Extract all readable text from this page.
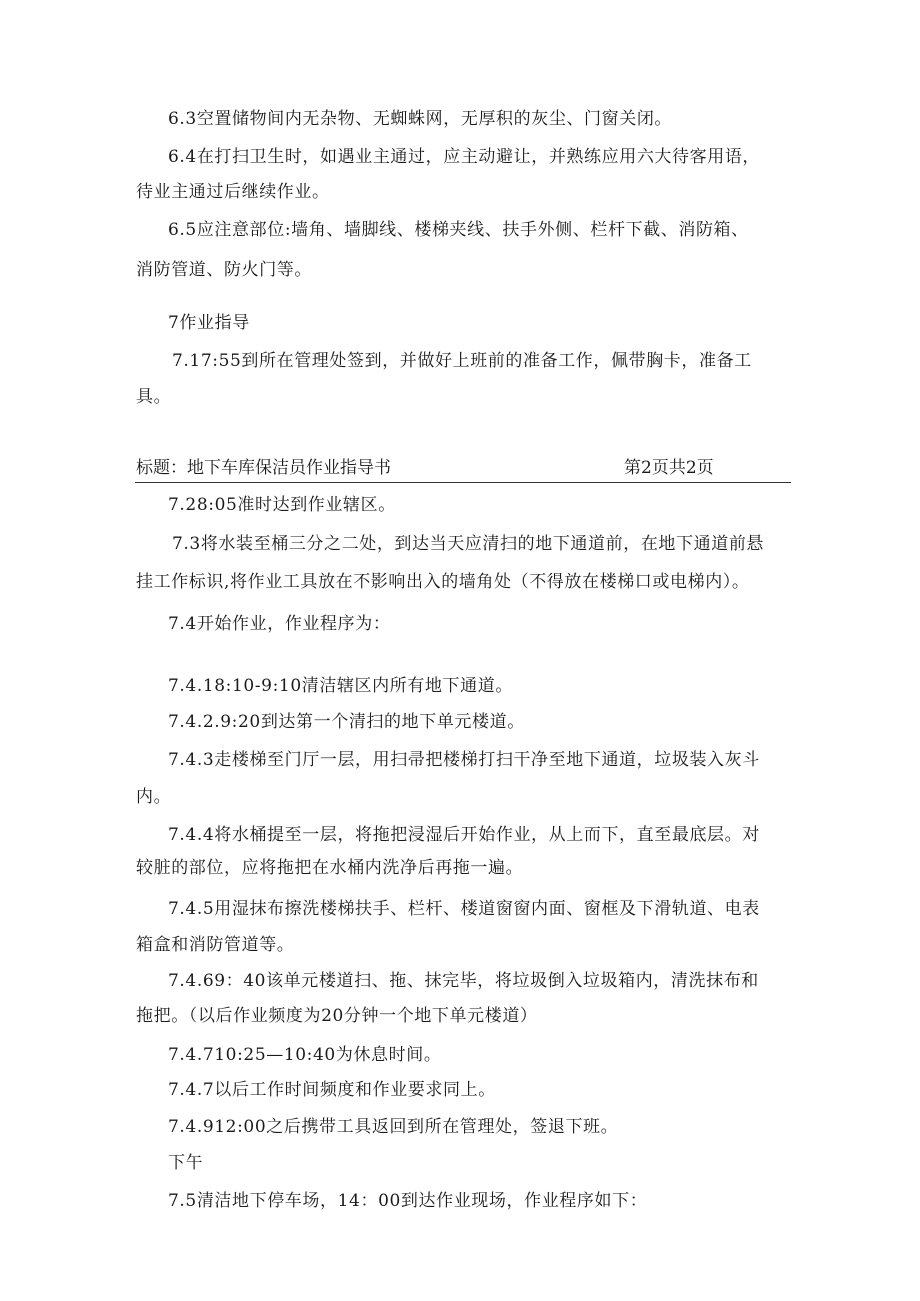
6.3空置储物间内无杂物、无蜘蛛网，无厚积的灰尘、门窗关闭。
6.4在打扫卫生时，如遇业主通过，应主动避让，并熟练应用六大待客用语，
待业主通过后继续作业。
6.5应注意部位:墙角、墙脚线、楼梯夹线、扶手外侧、栏杆下截、消防箱、
消防管道、防火门等。
7作业指导
7.17:55到所在管理处签到，并做好上班前的准备工作，佩带胸卡，准备工
具。
标题：地下车库保洁员作业指导书	第2页共2页
7.28:05准时达到作业辖区。
7.3将水装至桶三分之二处，到达当天应清扫的地下通道前，在地下通道前悬
挂工作标识,将作业工具放在不影响出入的墙角处（不得放在楼梯口或电梯内）。
7.4开始作业，作业程序为：
7.4.18:10-9:10清洁辖区内所有地下通道。
7.4.2.9:20到达第一个清扫的地下单元楼道。
7.4.3走楼梯至门厅一层，用扫帚把楼梯打扫干净至地下通道，垃圾装入灰斗
内。
7.4.4将水桶提至一层，将拖把浸湿后开始作业，从上而下，直至最底层。对
较脏的部位，应将拖把在水桶内洗净后再拖一遍。
7.4.5用湿抹布擦洗楼梯扶手、栏杆、楼道窗窗内面、窗框及下滑轨道、电表
箱盒和消防管道等。
7.4.69：40该单元楼道扫、拖、抹完毕，将垃圾倒入垃圾箱内，清洗抹布和
拖把。（以后作业频度为20分钟一个地下单元楼道）
7.4.710:25—10:40为休息时间。
7.4.7以后工作时间频度和作业要求同上。
7.4.912:00之后携带工具返回到所在管理处，签退下班。
下午
7.5清洁地下停车场，14：00到达作业现场，作业程序如下：
